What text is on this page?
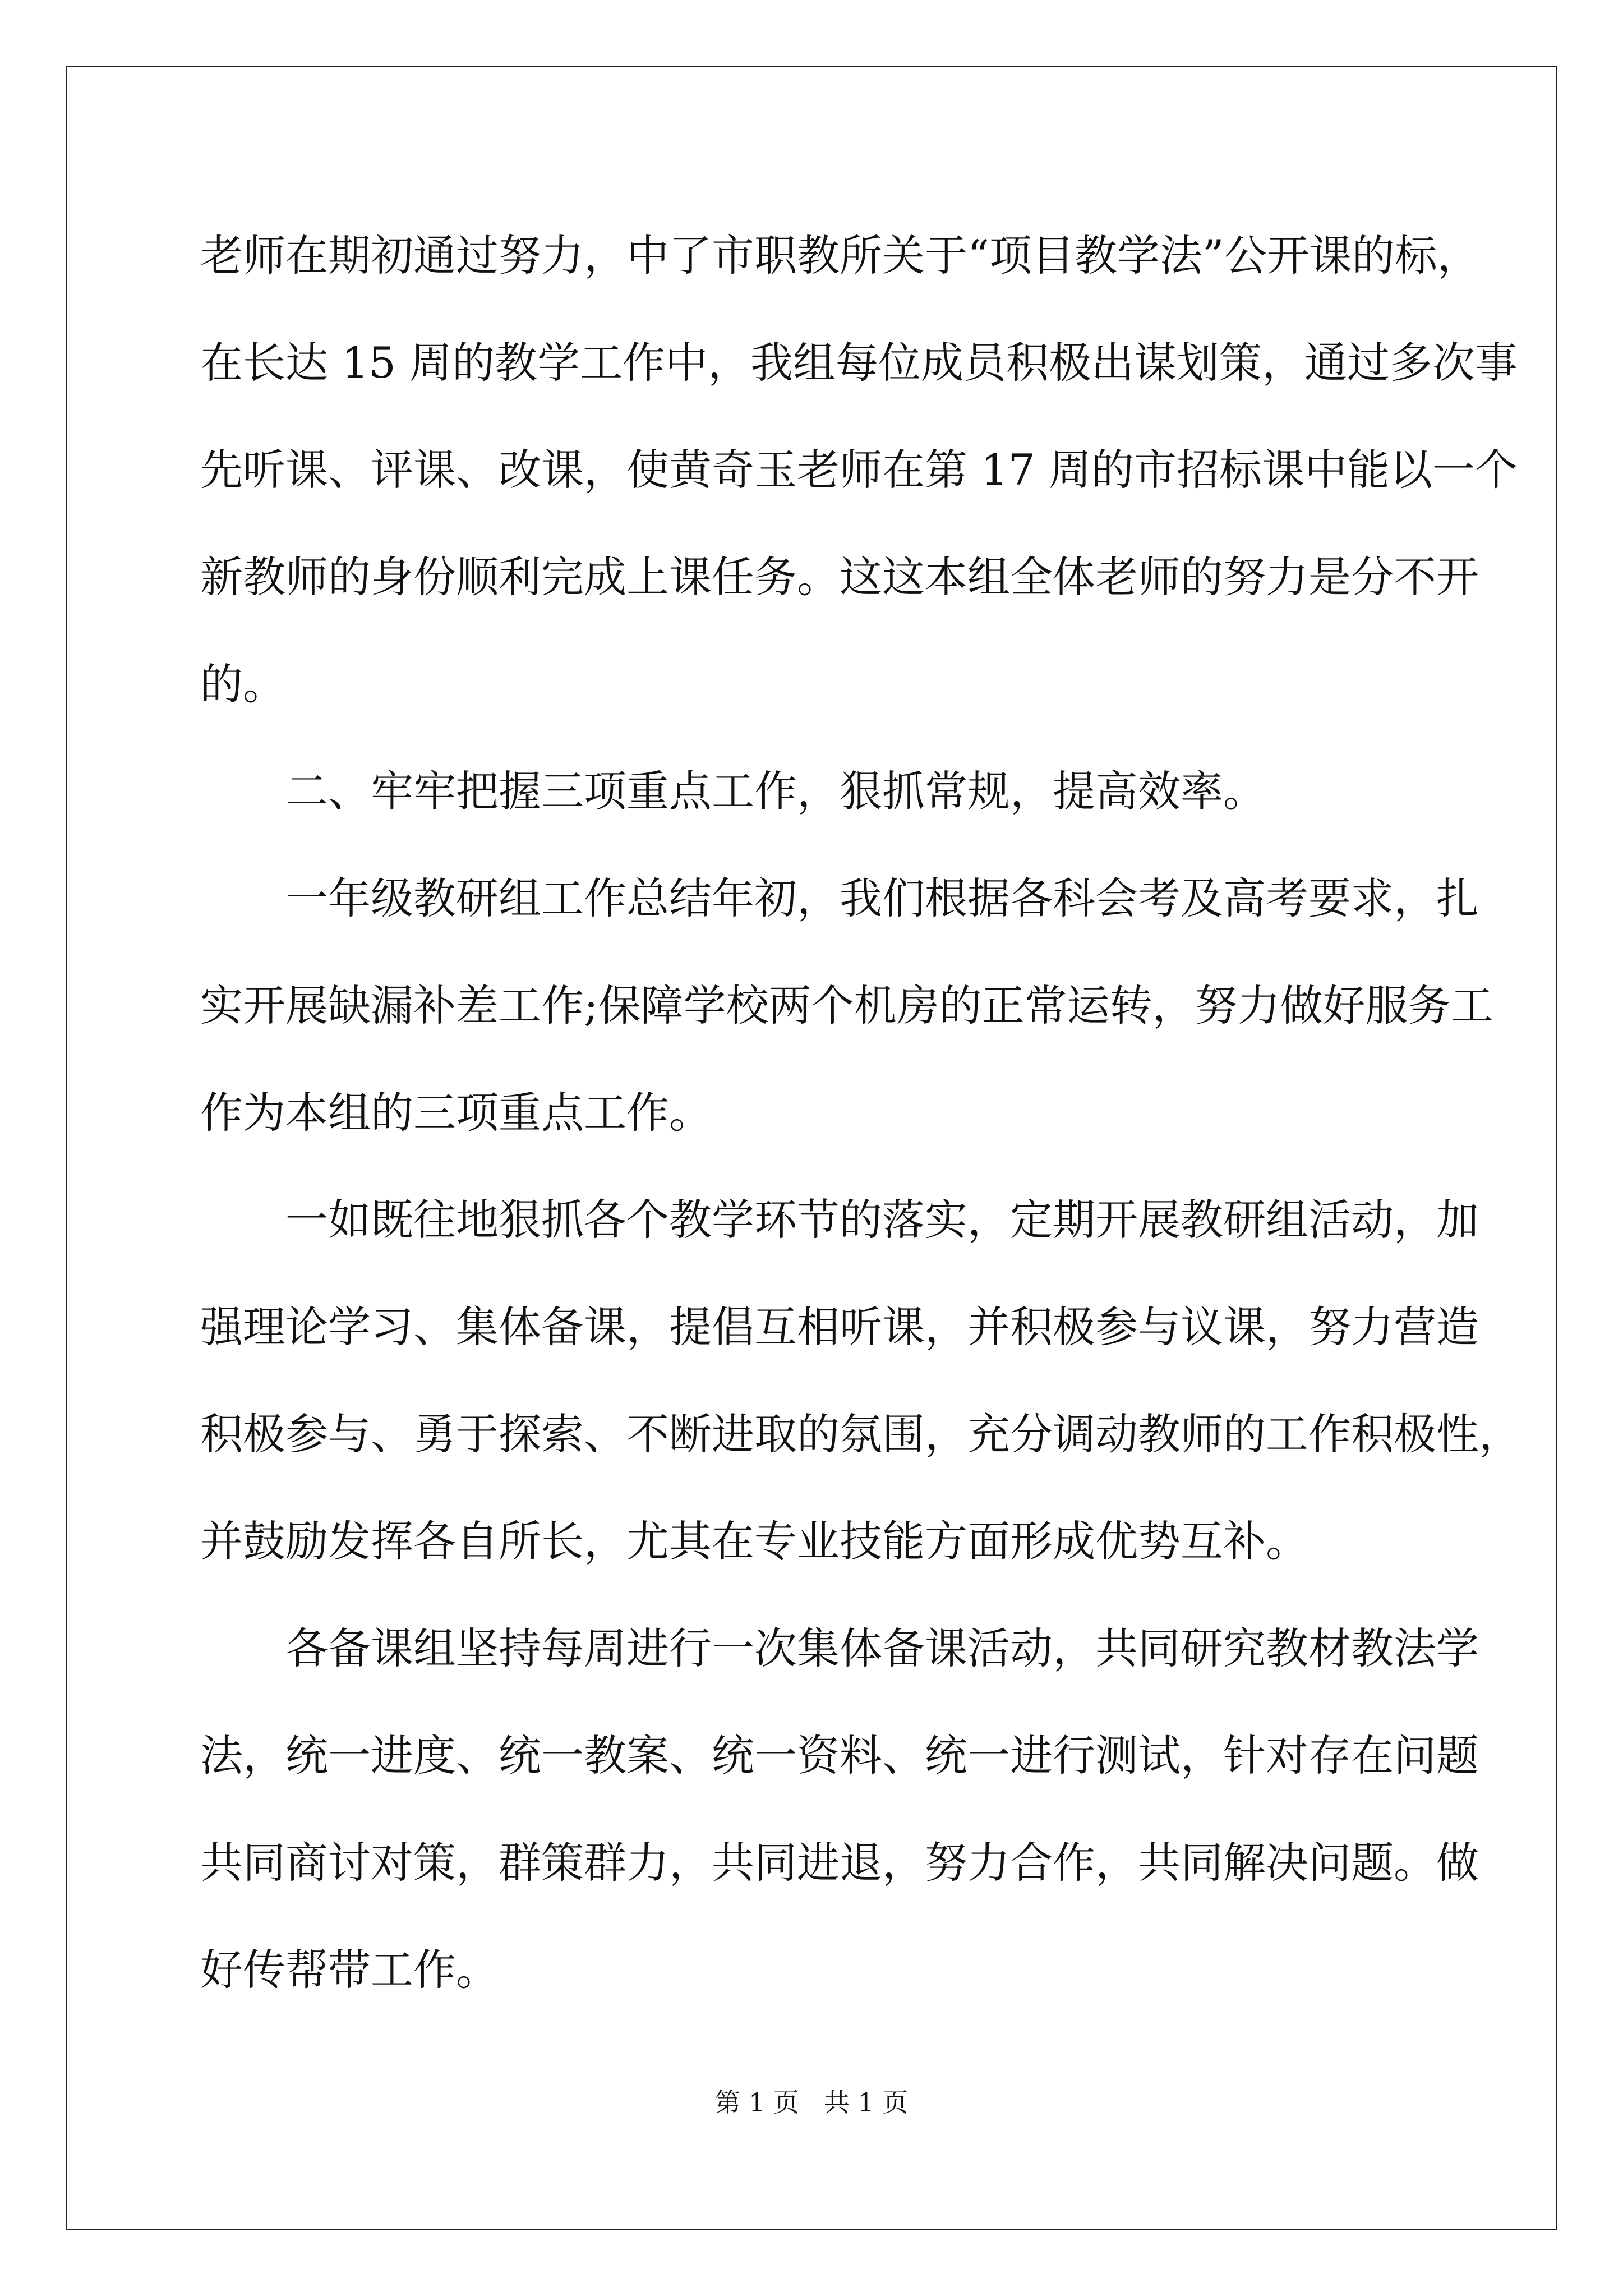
老师在期初通过努力，中了市职教所关于“项目教学法”公开课的标，
在长达 15 周的教学工作中，我组每位成员积极出谋划策，通过多次事
先听课、评课、改课，使黄奇玉老师在第 17 周的市招标课中能以一个
新教师的身份顺利完成上课任务。这这本组全体老师的努力是分不开
的。
二、牢牢把握三项重点工作，狠抓常规，提高效率。
一年级教研组工作总结年初，我们根据各科会考及高考要求，扎
实开展缺漏补差工作;保障学校两个机房的正常运转，努力做好服务工
作为本组的三项重点工作。
一如既往地狠抓各个教学环节的落实，定期开展教研组活动，加
强理论学习、集体备课，提倡互相听课，并积极参与议课，努力营造
积极参与、勇于探索、不断进取的氛围，充分调动教师的工作积极性，
并鼓励发挥各自所长，尤其在专业技能方面形成优势互补。
各备课组坚持每周进行一次集体备课活动，共同研究教材教法学
法，统一进度、统一教案、统一资料、统一进行测试，针对存在问题
共同商讨对策，群策群力，共同进退，努力合作，共同解决问题。做
好传帮带工作。
第 1 页   共 1 页
